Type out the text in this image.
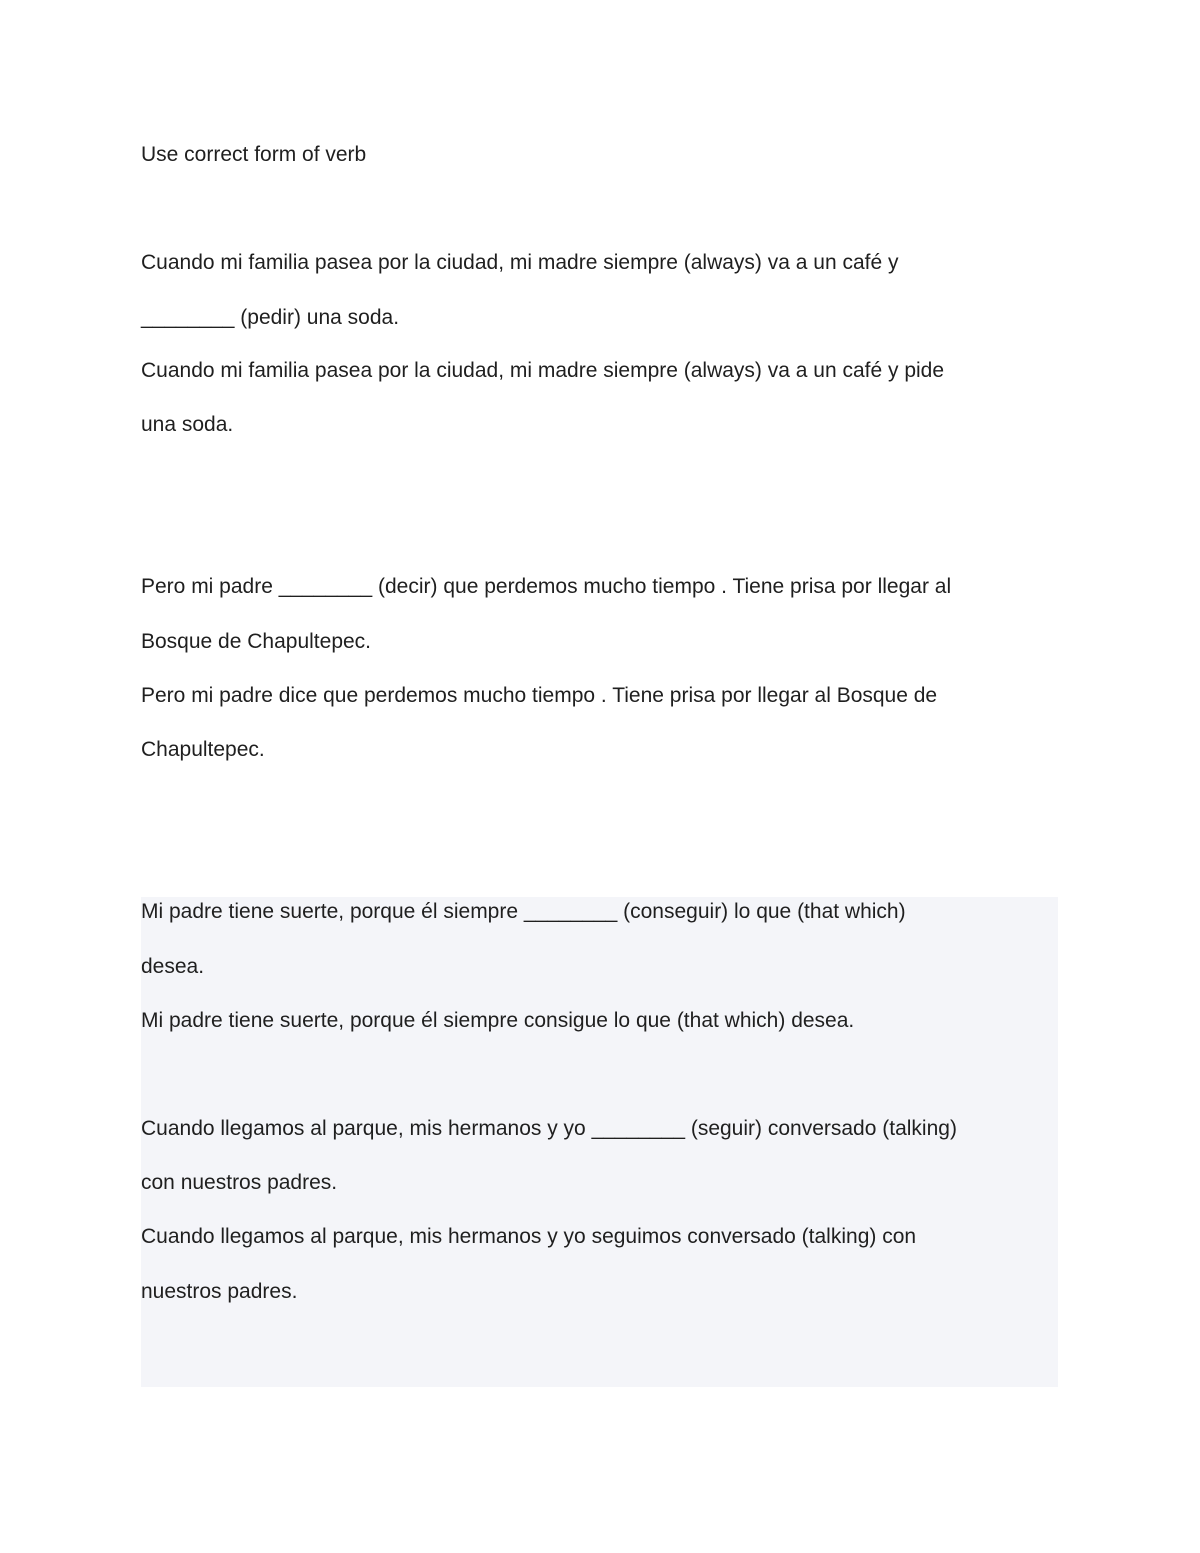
Use correct form of verb
Cuando mi familia pasea por la ciudad, mi madre siempre (always) va a un café y
________ (pedir) una soda.
Cuando mi familia pasea por la ciudad, mi madre siempre (always) va a un café y pide
una soda.
Pero mi padre ________ (decir) que perdemos mucho tiempo . Tiene prisa por llegar al
Bosque de Chapultepec.
Pero mi padre dice que perdemos mucho tiempo . Tiene prisa por llegar al Bosque de
Chapultepec.
Mi padre tiene suerte, porque él siempre ________ (conseguir) lo que (that which)
desea.
Mi padre tiene suerte, porque él siempre consigue lo que (that which) desea.
Cuando llegamos al parque, mis hermanos y yo ________ (seguir) conversado (talking)
con nuestros padres.
Cuando llegamos al parque, mis hermanos y yo seguimos conversado (talking) con
nuestros padres.
